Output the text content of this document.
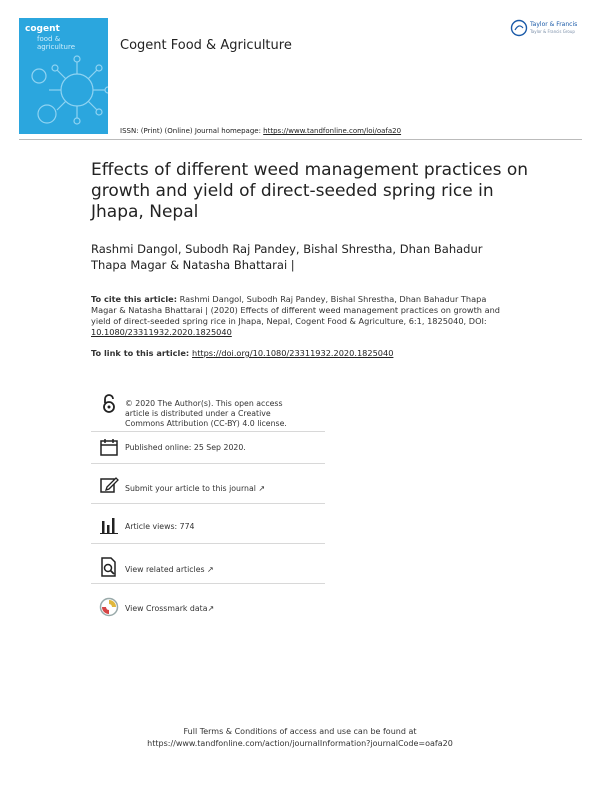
cogent
food &
agriculture	Cogent Food & Agriculture
Taylor & Francis
Taylor & Francis Group
ISSN: (Print) (Online) Journal homepage: https://www.tandfonline.com/loi/oafa20
Effects of different weed management practices on growth and yield of direct-seeded spring rice in Jhapa, Nepal
Rashmi Dangol, Subodh Raj Pandey, Bishal Shrestha, Dhan Bahadur Thapa Magar & Natasha Bhattarai |
To cite this article: Rashmi Dangol, Subodh Raj Pandey, Bishal Shrestha, Dhan Bahadur Thapa Magar & Natasha Bhattarai | (2020) Effects of different weed management practices on growth and yield of direct-seeded spring rice in Jhapa, Nepal, Cogent Food & Agriculture, 6:1, 1825040, DOI: 10.1080/23311932.2020.1825040
To link to this article: https://doi.org/10.1080/23311932.2020.1825040
© 2020 The Author(s). This open access article is distributed under a Creative Commons Attribution (CC-BY) 4.0 license.
Published online: 25 Sep 2020.
Submit your article to this journal ↗
Article views: 774
View related articles ↗
View Crossmark data↗
Full Terms & Conditions of access and use can be found at
https://www.tandfonline.com/action/journalInformation?journalCode=oafa20
